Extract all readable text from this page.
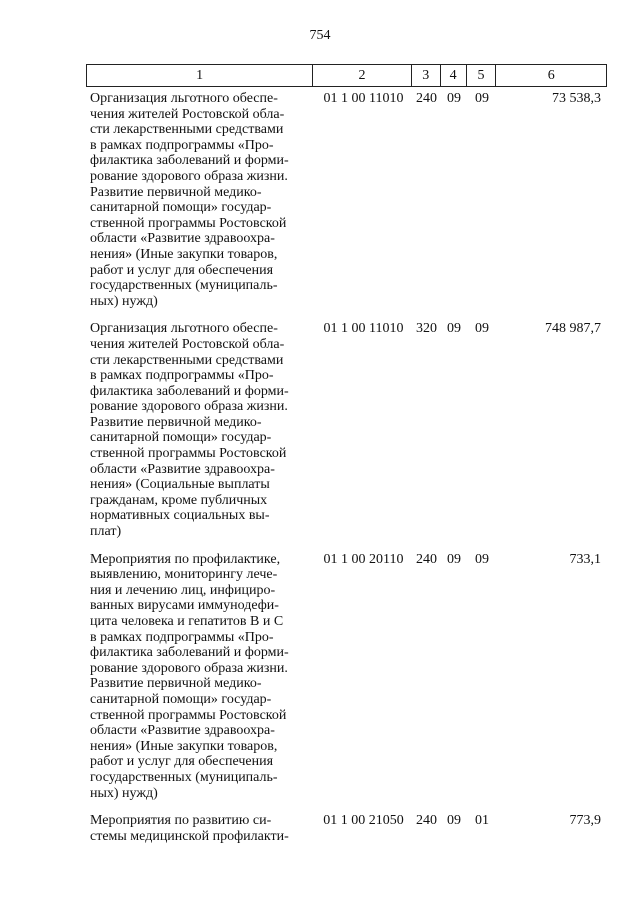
754
1	2	3	4	5	6
Организация льготного обеспе-
чения жителей Ростовской обла-
сти лекарственными средствами
в рамках подпрограммы «Про-
филактика заболеваний и форми-
рование здорового образа жизни.
Развитие первичной медико-
санитарной помощи» государ-
ственной программы Ростовской
области «Развитие здравоохра-
нения» (Иные закупки товаров,
работ и услуг для обеспечения
государственных (муниципаль-
ных) нужд)
01 1 00 11010 240 09	09	73 538,3
Организация льготного обеспе-
чения жителей Ростовской обла-
сти лекарственными средствами
в рамках подпрограммы «Про-
филактика заболеваний и форми-
рование здорового образа жизни.
Развитие первичной медико-
санитарной помощи» государ-
ственной программы Ростовской
области «Развитие здравоохра-
нения» (Социальные выплаты
гражданам, кроме публичных
нормативных социальных вы-
плат)
01 1 00 11010 320 09	09	748 987,7
Мероприятия по профилактике,
выявлению, мониторингу лече-
ния и лечению лиц, инфициро-
ванных вирусами иммунодефи-
цита человека и гепатитов B и C
в рамках подпрограммы «Про-
филактика заболеваний и форми-
рование здорового образа жизни.
Развитие первичной медико-
санитарной помощи» государ-
ственной программы Ростовской
области «Развитие здравоохра-
нения» (Иные закупки товаров,
работ и услуг для обеспечения
государственных (муниципаль-
ных) нужд)
01 1 00 20110 240 09	09	733,1
Мероприятия по развитию си-
стемы медицинской профилакти-
01 1 00 21050 240 09	01	773,9
